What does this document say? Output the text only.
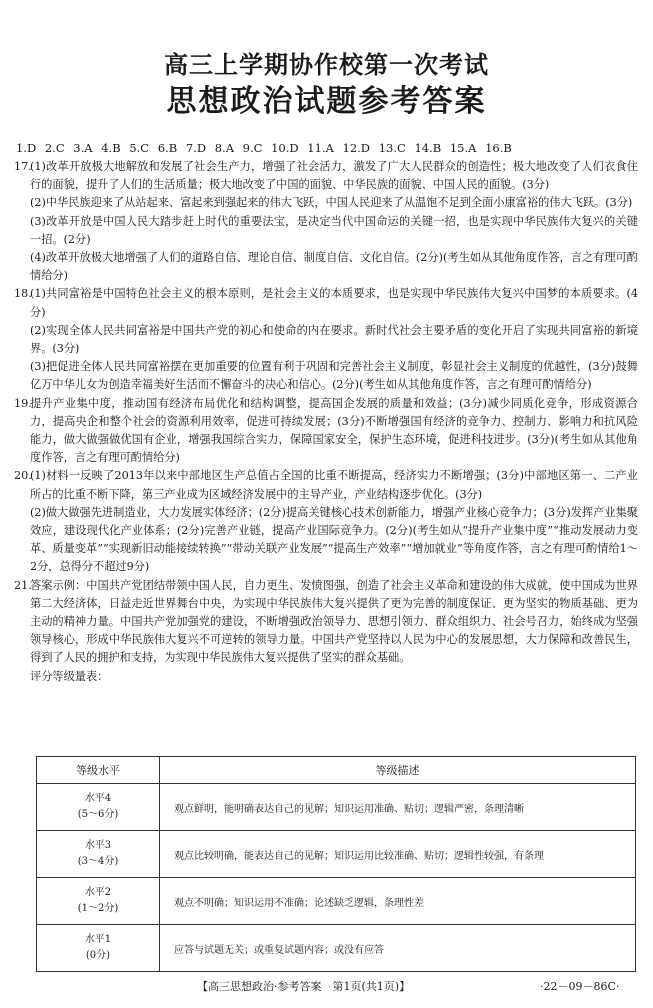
高三上学期协作校第一次考试
思想政治试题参考答案
1.D 2.C 3.A 4.B 5.C 6.B 7.D 8.A 9.C 10.D 11.A 12.D 13.C 14.B 15.A 16.B
17.

(1)改革开放极大地解放和发展了社会生产力，增强了社会活力，激发了广大人民群众的创造性；极大地改变了人们衣食住行的面貌，提升了人们的生活质量；极大地改变了中国的面貌、中华民族的面貌、中国人民的面貌。(3分)

(2)中华民族迎来了从站起来、富起来到强起来的伟大飞跃，中国人民迎来了从温饱不足到全面小康富裕的伟大飞跃。(3分)

(3)改革开放是中国人民大踏步赶上时代的重要法宝，是决定当代中国命运的关键一招，也是实现中华民族伟大复兴的关键一招。(2分)

(4)改革开放极大地增强了人们的道路自信、理论自信、制度自信、文化自信。(2分)(考生如从其他角度作答，言之有理可酌情给分)

18.

(1)共同富裕是中国特色社会主义的根本原则，是社会主义的本质要求，也是实现中华民族伟大复兴中国梦的本质要求。(4分)

(2)实现全体人民共同富裕是中国共产党的初心和使命的内在要求。新时代社会主要矛盾的变化开启了实现共同富裕的新境界。(3分)

(3)把促进全体人民共同富裕摆在更加重要的位置有利于巩固和完善社会主义制度，彰显社会主义制度的优越性，(3分)鼓舞亿万中华儿女为创造幸福美好生活而不懈奋斗的决心和信心。(2分)(考生如从其他角度作答，言之有理可酌情给分)

19.

提升产业集中度，推动国有经济布局优化和结构调整，提高国企发展的质量和效益；(3分)减少同质化竞争，形成资源合力，提高央企和整个社会的资源利用效率，促进可持续发展；(3分)不断增强国有经济的竞争力、控制力、影响力和抗风险能力，做大做强做优国有企业，增强我国综合实力，保障国家安全，保护生态环境，促进科技进步。(3分)(考生如从其他角度作答，言之有理可酌情给分)

20.

(1)材料一反映了2013年以来中部地区生产总值占全国的比重不断提高，经济实力不断增强；(3分)中部地区第一、二产业所占的比重不断下降，第三产业成为区域经济发展中的主导产业，产业结构逐步优化。(3分)

(2)做大做强先进制造业，大力发展实体经济；(2分)提高关键核心技术创新能力，增强产业核心竞争力；(3分)发挥产业集聚效应，建设现代化产业体系；(2分)完善产业链，提高产业国际竞争力。(2分)(考生如从“提升产业集中度”“推动发展动力变革、质量变革”“实现新旧动能接续转换”“带动关联产业发展”“提高生产效率”“增加就业”等角度作答，言之有理可酌情给1～2分，总得分不超过9分)

21.

答案示例：中国共产党团结带领中国人民，自力更生、发愤图强，创造了社会主义革命和建设的伟大成就，使中国成为世界第二大经济体，日益走近世界舞台中央，为实现中华民族伟大复兴提供了更为完善的制度保证、更为坚实的物质基础、更为主动的精神力量。中国共产党加强党的建设，不断增强政治领导力、思想引领力、群众组织力、社会号召力，始终成为坚强领导核心，形成中华民族伟大复兴不可逆转的领导力量。中国共产党坚持以人民为中心的发展思想，大力保障和改善民生，得到了人民的拥护和支持，为实现中华民族伟大复兴提供了坚实的群众基础。

评分等级量表：

等级水平	等级描述
水平4
(5～6分)	观点鲜明，能明确表达自己的见解；知识运用准确、贴切；逻辑严密，条理清晰
水平3
(3～4分)	观点比较明确，能表达自己的见解；知识运用比较准确、贴切；逻辑性较强，有条理
水平2
(1～2分)	观点不明确；知识运用不准确；论述缺乏逻辑，条理性差
水平1
(0分)	应答与试题无关；或重复试题内容；或没有应答
【高三思想政治·参考答案　第1页(共1页)】	·22－09－86C·
